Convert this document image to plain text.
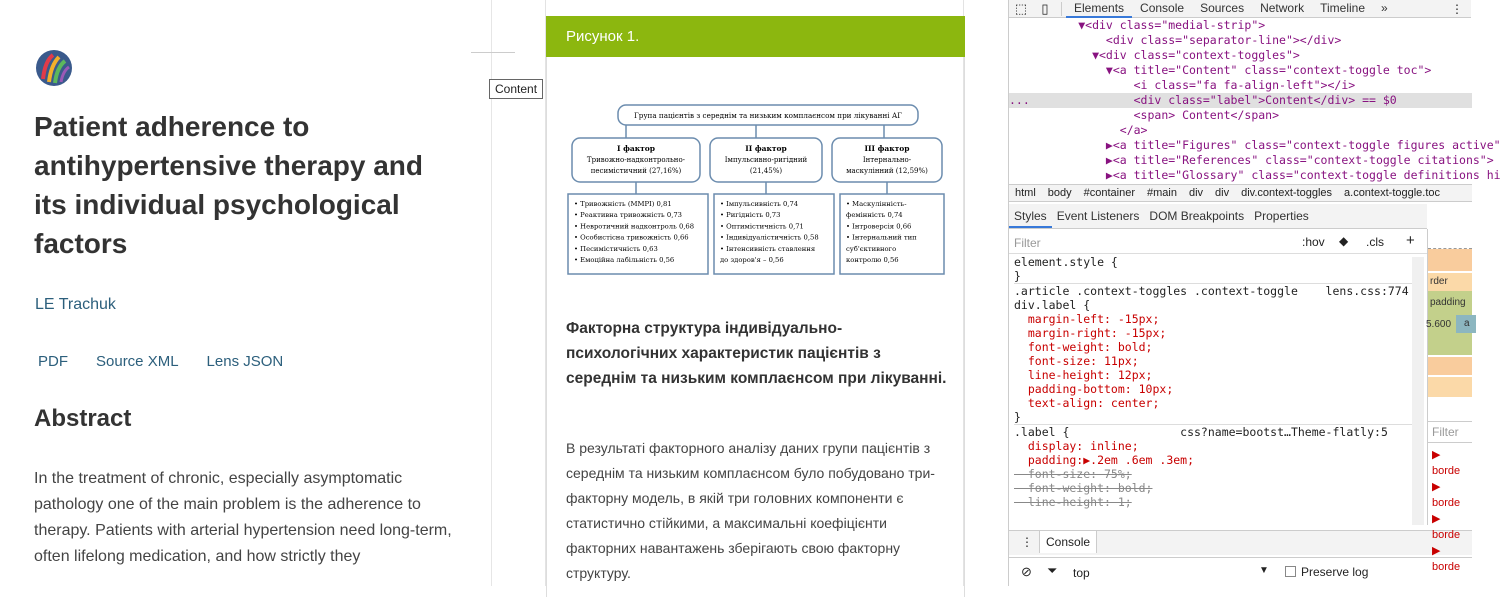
Patient adherence to antihypertensive therapy and its individual psychological factors
LE Trachuk
PDF Source XML Lens JSON
Abstract
In the treatment of chronic, especially asymptomatic pathology one of the main problem is the adherence to therapy. Patients with arterial hypertension need long-term, often lifelong medication, and how strictly they
Content
Рисунок 1.
Група пацієнтів з середнім та низьким комплаєнсом при лікуванні АГ
І фактор
Тривожно-надконтрольно-
песимістичний (27,16%)
ІІ фактор
Імпульсивно-ригідний
(21,45%)
ІІІ фактор
Інтернально-
маскулінний (12,59%)
• Тривожність (MMPI) 0,81
• Реактивна тривожність 0,73
• Невротичний надконтроль 0,68
• Особистісна тривожність 0,66
• Песимістичність 0,63
• Емоційна лабільність 0,56
• Імпульсивність 0,74
• Ригідність 0,73
• Оптимістичність 0,71
• Індивідуалістичність 0,58
• Інтенсивність ставлення
до здоров'я – 0,56
• Маскулінність-
фемінність 0,74
• Інтроверсія 0,66
• Інтернальний тип
суб'єктивного
контролю 0,56
Факторна структура індивідуально-психологічних характеристик пацієнтів з середнім та низьким комплаєнсом при лікуванні.
В результаті факторного аналізу даних групи пацієнтів з середнім та низьким комплаєнсом було побудовано три-факторну модель, в якій три головних компоненти є статистично стійкими, а максимальні коефіцієнти факторних навантажень зберігають свою факторну структуру.
⬚	▯	Elements	Console	Sources	Network	Timeline	»	⋮
▼<div class="medial-strip">
<div class="separator-line"></div>
▼<div class="context-toggles">
▼<a title="Content" class="context-toggle toc">
<i class="fa fa-align-left"></i>
...               <div class="label">Content</div> == $0
<span> Content</span>
</a>
▶<a title="Figures" class="context-toggle figures active"
▶<a title="References" class="context-toggle citations">
▶<a title="Glossary" class="context-toggle definitions hi
html body #container #main div div div.context-toggles a.context-toggle.toc
Styles Event Listeners DOM Breakpoints Properties
Filter	:hov ◆ .cls +
element.style {
}
.article .context-toggles .context-toggle    lens.css:774
div.label {
margin-left: -15px;
margin-right: -15px;
font-weight: bold;
font-size: 11px;
line-height: 12px;
padding-bottom: 10px;
text-align: center;
}
.label {                css?name=bootst…Theme-flatly:5
display: inline;
padding:▶.2em .6em .3em;
font-size: 75%;
font-weight: bold;
line-height: 1;
⋮	Console
⊘ ⏷ top	▼	Preserve log
rder
padding
5.600 a
Filter
▶ borde
▶ borde
▶ borde
▶ borde
